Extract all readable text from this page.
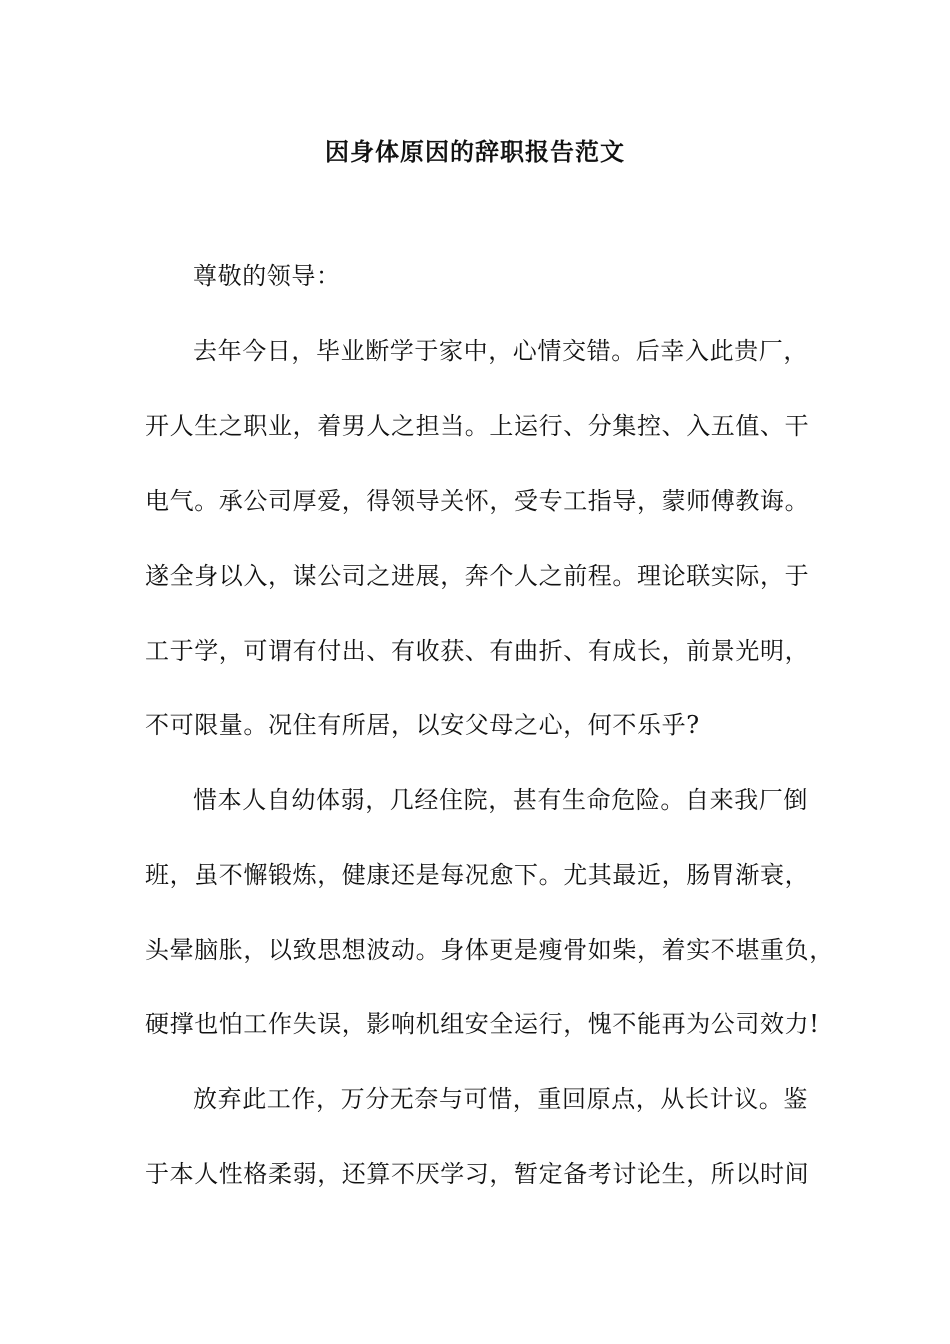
因身体原因的辞职报告范文
尊敬的领导：
去年今日，毕业断学于家中，心情交错。后幸入此贵厂，
开人生之职业，着男人之担当。上运行、分集控、入五值、干
电气。承公司厚爱，得领导关怀，受专工指导，蒙师傅教诲。
遂全身以入，谋公司之进展，奔个人之前程。理论联实际，于
工于学，可谓有付出、有收获、有曲折、有成长，前景光明，
不可限量。况住有所居，以安父母之心，何不乐乎?
惜本人自幼体弱，几经住院，甚有生命危险。自来我厂倒
班，虽不懈锻炼，健康还是每况愈下。尤其最近，肠胃渐衰，
头晕脑胀，以致思想波动。身体更是瘦骨如柴，着实不堪重负，
硬撑也怕工作失误，影响机组安全运行，愧不能再为公司效力!
放弃此工作，万分无奈与可惜，重回原点，从长计议。鉴
于本人性格柔弱，还算不厌学习，暂定备考讨论生，所以时间
